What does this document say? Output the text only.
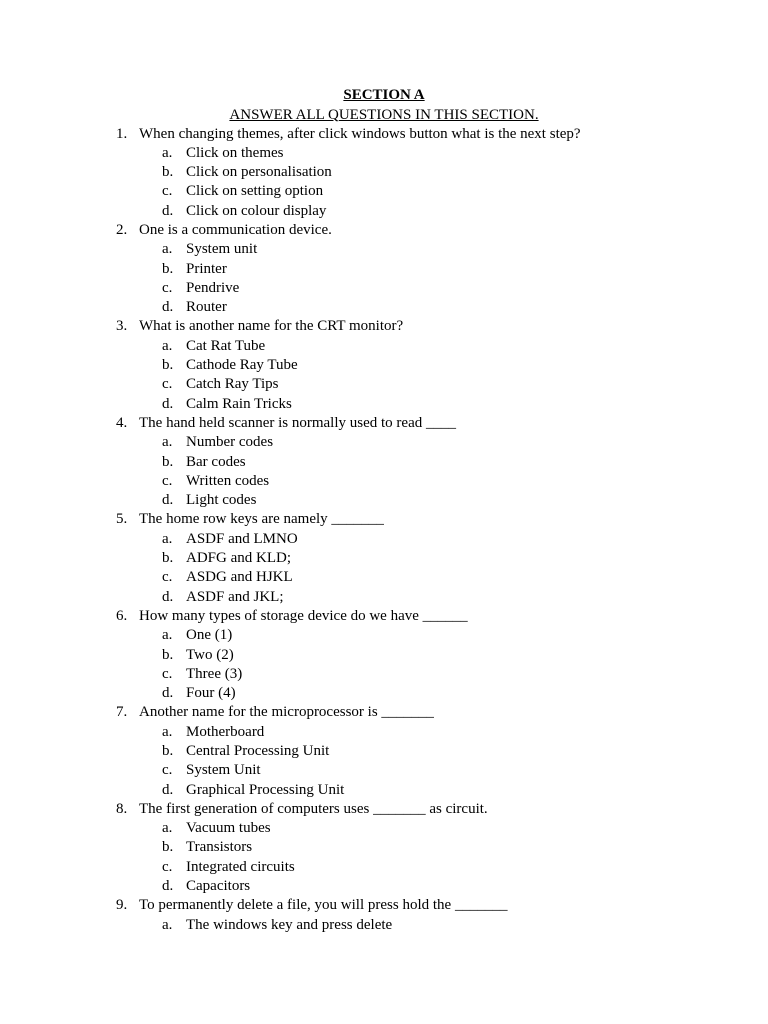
SECTION A
ANSWER ALL QUESTIONS IN THIS SECTION.
1. When changing themes, after click windows button what is the next step?
a. Click on themes
b. Click on personalisation
c. Click on setting option
d. Click on colour display
2. One is a communication device.
a. System unit
b. Printer
c. Pendrive
d. Router
3. What is another name for the CRT monitor?
a. Cat Rat Tube
b. Cathode Ray Tube
c. Catch Ray Tips
d. Calm Rain Tricks
4. The hand held scanner is normally used to read ____
a. Number codes
b. Bar codes
c. Written codes
d. Light codes
5. The home row keys are namely _______
a. ASDF and LMNO
b. ADFG and KLD;
c. ASDG and HJKL
d. ASDF and JKL;
6. How many types of storage device do we have ______
a. One (1)
b. Two (2)
c. Three (3)
d. Four (4)
7. Another name for the microprocessor is _______
a. Motherboard
b. Central Processing Unit
c. System Unit
d. Graphical Processing Unit
8. The first generation of computers uses _______ as circuit.
a. Vacuum tubes
b. Transistors
c. Integrated circuits
d. Capacitors
9. To permanently delete a file, you will press hold the _______
a. The windows key and press delete
